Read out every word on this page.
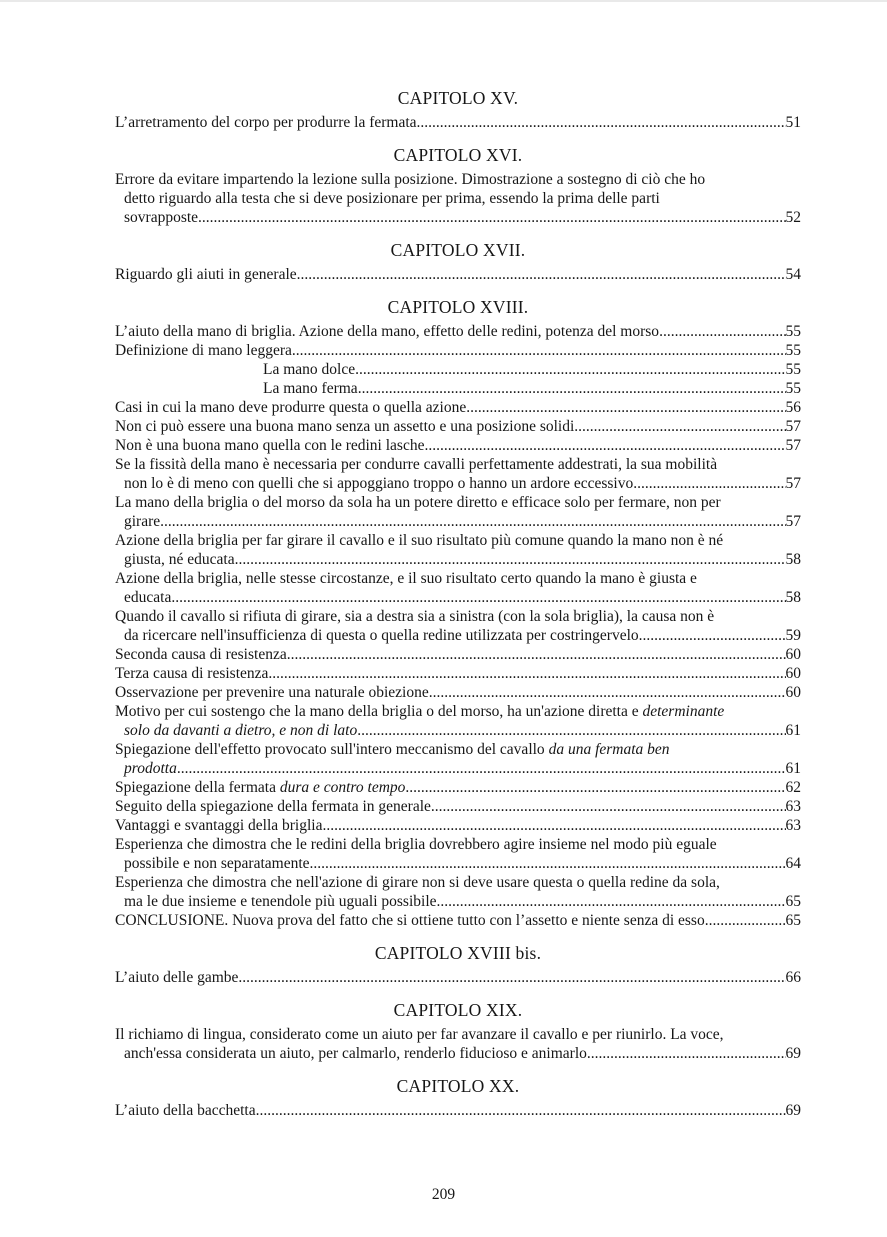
CAPITOLO XV.
L’arretramento del corpo per produrre la fermata .....	51
CAPITOLO XVI.
Errore da evitare impartendo la lezione sulla posizione. Dimostrazione a sostegno di ciò che ho
detto riguardo alla testa che si deve posizionare per prima, essendo la prima delle parti
sovrapposte .....	52
CAPITOLO XVII.
Riguardo gli aiuti in generale .....	54
CAPITOLO XVIII.
L’aiuto della mano di briglia. Azione della mano, effetto delle redini, potenza del morso .....	55
Definizione di mano leggera .....	55
La mano dolce .....	55
La mano ferma .....	55
Casi in cui la mano deve produrre questa o quella azione .....	56
Non ci può essere una buona mano senza un assetto e una posizione solidi .....	57
Non è una buona mano quella con le redini lasche .....	57
Se la fissità della mano è necessaria per condurre cavalli perfettamente addestrati, la sua mobilità
non lo è di meno con quelli che si appoggiano troppo o hanno un ardore eccessivo .....	57
La mano della briglia o del morso da sola ha un potere diretto e efficace solo per fermare, non per
girare .....	57
Azione della briglia per far girare il cavallo e il suo risultato più comune quando la mano non è né
giusta, né educata .....	58
Azione della briglia, nelle stesse circostanze, e il suo risultato certo quando la mano è giusta e
educata .....	58
Quando il cavallo si rifiuta di girare, sia a destra sia a sinistra (con la sola briglia), la causa non è
da ricercare nell'insufficienza di questa o quella redine utilizzata per costringervelo. .....	59
Seconda causa di resistenza .....	60
Terza causa di resistenza .....	60
Osservazione per prevenire una naturale obiezione .....	60
Motivo per cui sostengo che la mano della briglia o del morso, ha un'azione diretta e determinante
solo da davanti a dietro, e non di lato .....	61
Spiegazione dell'effetto provocato sull'intero meccanismo del cavallo da una fermata ben
prodotta .....	61
Spiegazione della fermata dura e contro tempo .....	62
Seguito della spiegazione della fermata in generale .....	63
Vantaggi e svantaggi della briglia .....	63
Esperienza che dimostra che le redini della briglia dovrebbero agire insieme nel modo più eguale
possibile e non separatamente .....	64
Esperienza che dimostra che nell'azione di girare non si deve usare questa o quella redine da sola,
ma le due insieme e tenendole più uguali possibile .....	65
CONCLUSIONE. Nuova prova del fatto che si ottiene tutto con l’assetto e niente senza di esso .....	65
CAPITOLO XVIII bis.
L’aiuto delle gambe .....	66
CAPITOLO XIX.
Il richiamo di lingua, considerato come un aiuto per far avanzare il cavallo e per riunirlo. La voce,
anch'essa considerata un aiuto, per calmarlo, renderlo fiducioso e animarlo .....	69
CAPITOLO XX.
L’aiuto della bacchetta .....	69
209
